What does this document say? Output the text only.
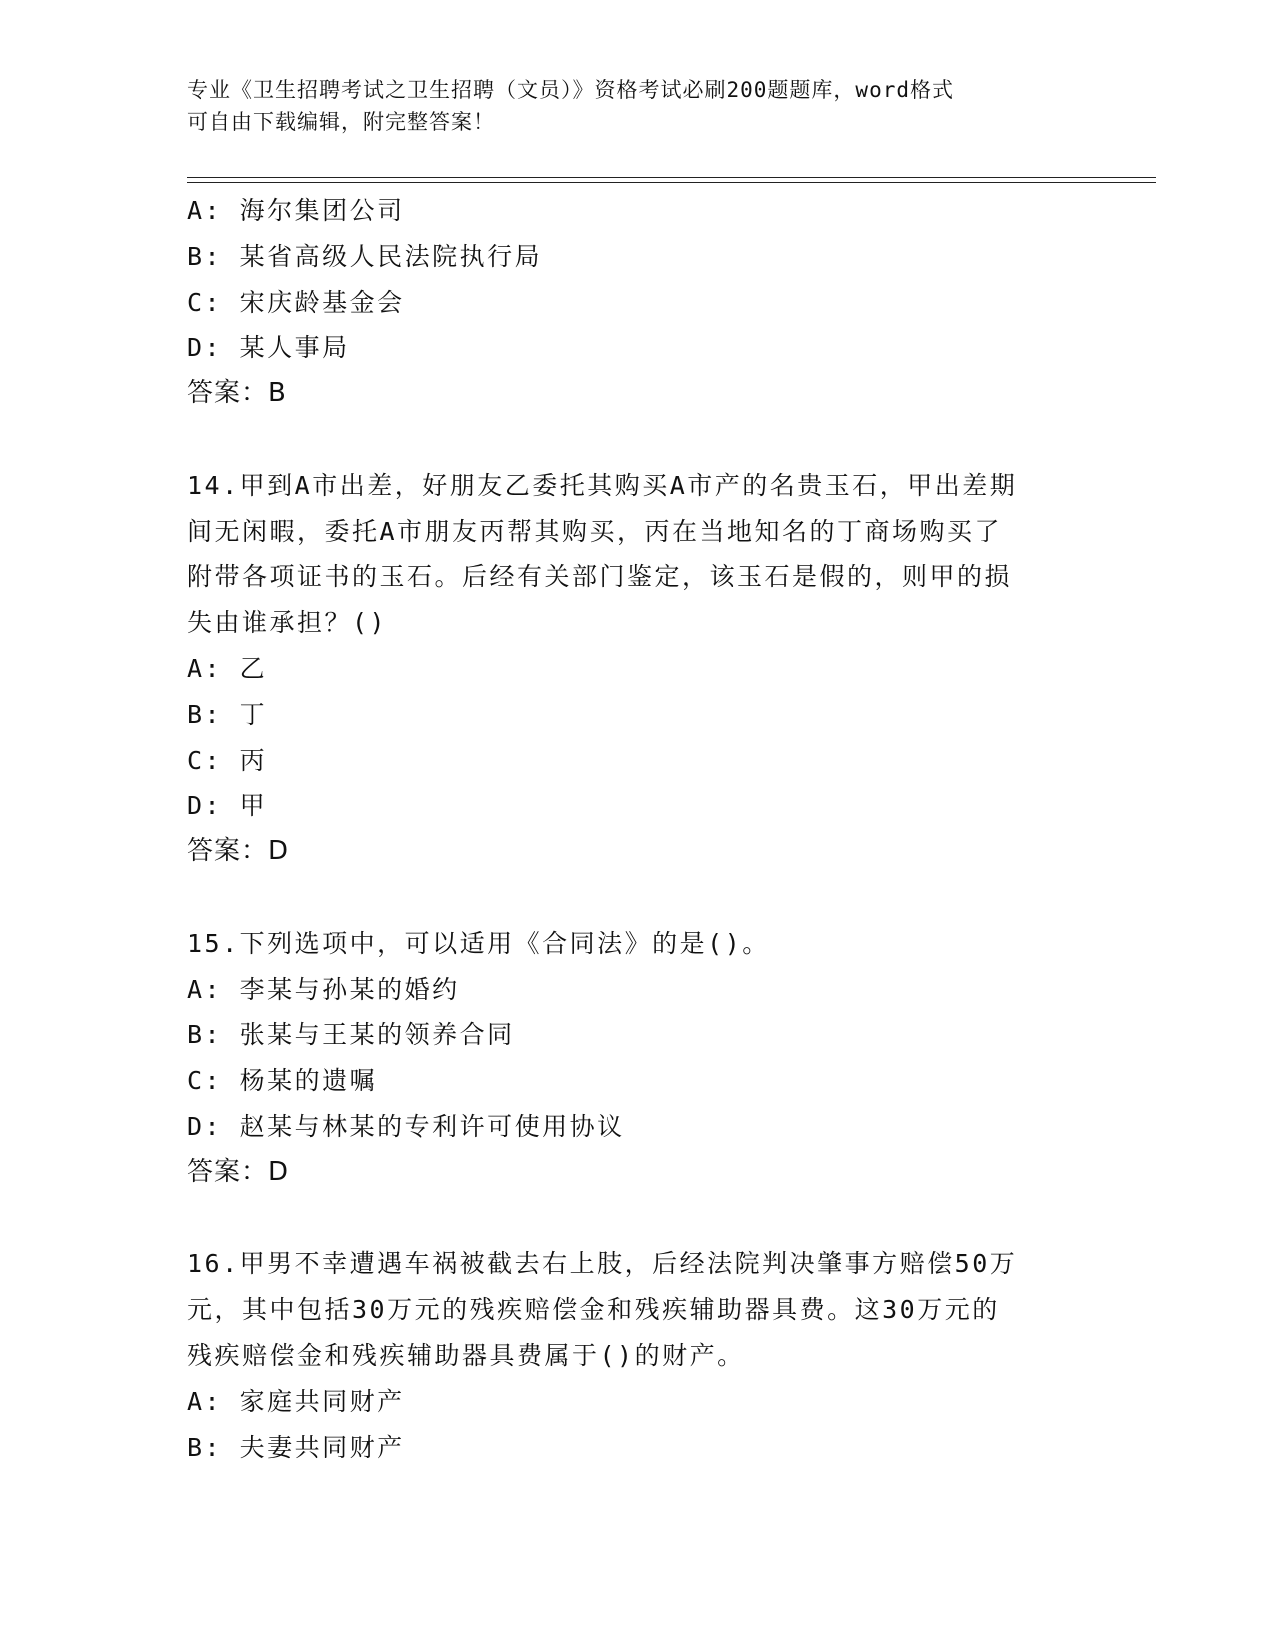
专业《卫生招聘考试之卫生招聘（文员）》资格考试必刷200题题库，word格式
可自由下载编辑，附完整答案！
A: 海尔集团公司
B: 某省高级人民法院执行局
C: 宋庆龄基金会
D: 某人事局
答案：B
14.甲到A市出差，好朋友乙委托其购买A市产的名贵玉石，甲出差期
间无闲暇，委托A市朋友丙帮其购买，丙在当地知名的丁商场购买了
附带各项证书的玉石。后经有关部门鉴定，该玉石是假的，则甲的损
失由谁承担？()
A: 乙
B: 丁
C: 丙
D: 甲
答案：D
15.下列选项中，可以适用《合同法》的是()。
A: 李某与孙某的婚约
B: 张某与王某的领养合同
C: 杨某的遗嘱
D: 赵某与林某的专利许可使用协议
答案：D
16.甲男不幸遭遇车祸被截去右上肢，后经法院判决肇事方赔偿50万
元，其中包括30万元的残疾赔偿金和残疾辅助器具费。这30万元的
残疾赔偿金和残疾辅助器具费属于()的财产。
A: 家庭共同财产
B: 夫妻共同财产
